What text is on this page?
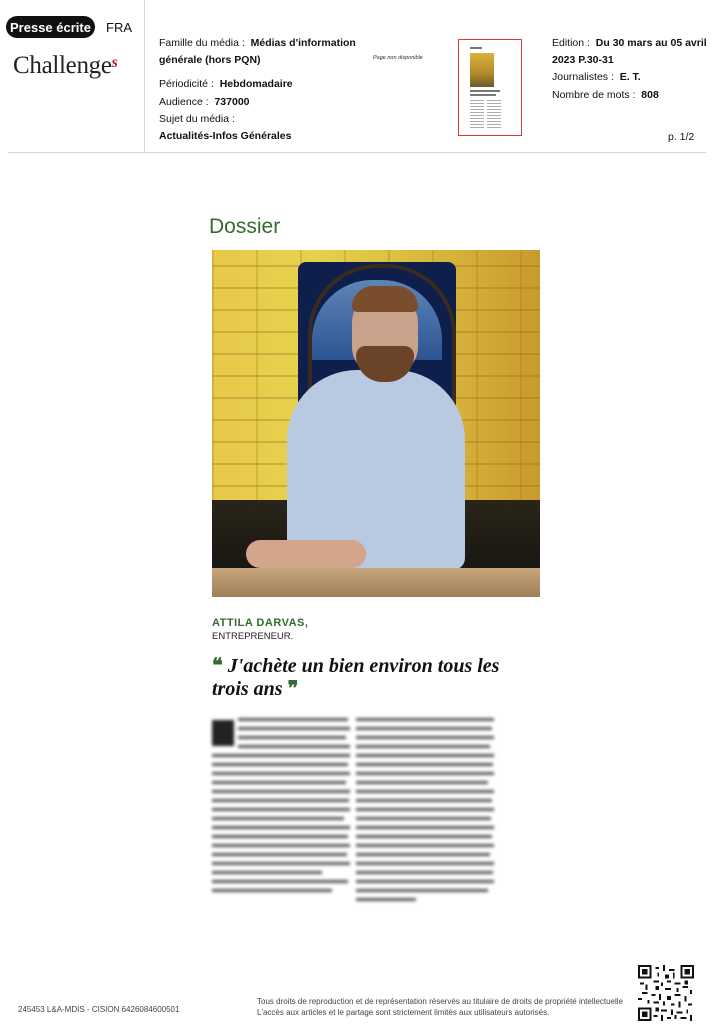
Presse écrite	FRA
Challenge$^s$
Famille du média : Médias d'information
générale (hors PQN)
Périodicité : Hebdomadaire
Audience : 737000
Sujet du média :
Actualités-Infos Générales
Page non disponible
Edition : Du 30 mars au 05 avril
2023 P.30-31
Journalistes : E. T.
Nombre de mots : 808
p. 1/2
Dossier
ATTILA DARVAS,
ENTREPRENEUR.
❝ J'achète un bien environ tous les trois ans ❞
245453 L&A-MDIS - CISION 6426084600501
Tous droits de reproduction et de représentation réservés au titulaire de droits de propriété intellectuelle
L'accès aux articles et le partage sont strictement limités aux utilisateurs autorisés.
